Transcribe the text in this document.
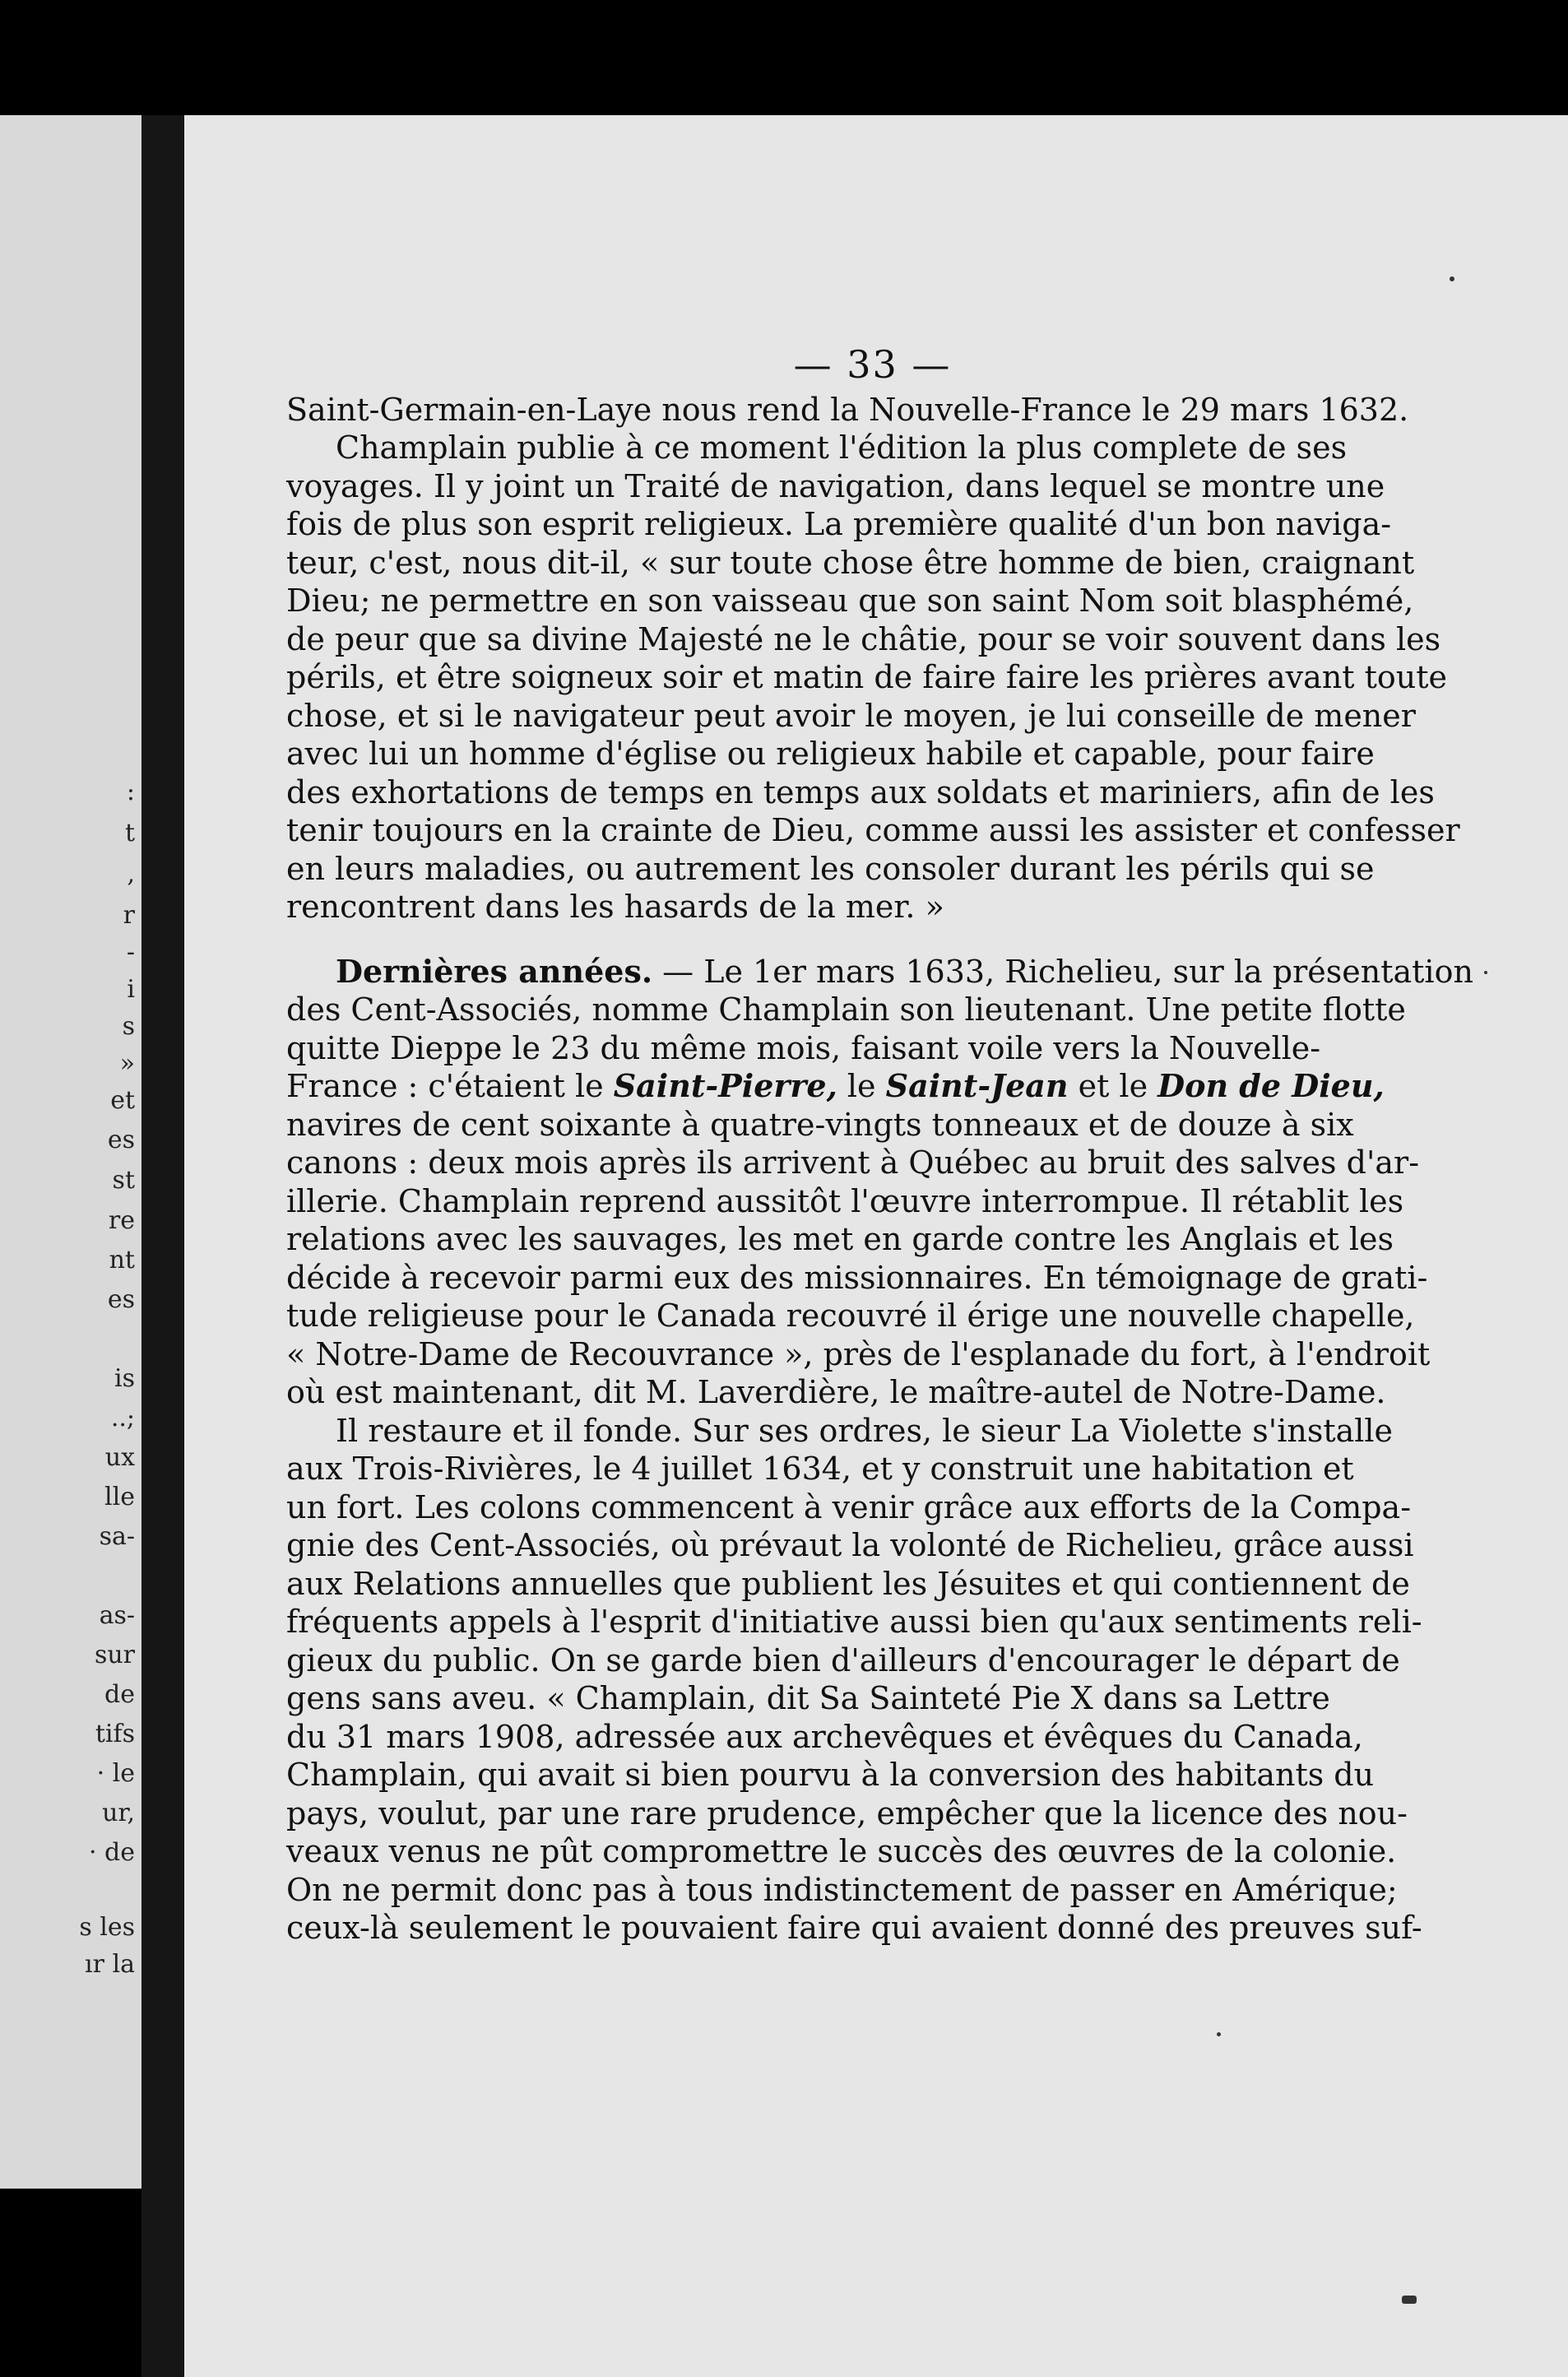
:
t
,
r
-
i
s
»
et
es
st
re
nt
es
is
..;
ux
lle
sa-
as-
sur
de
tifs
· le
ur,
· de
s les
ır la
— 33 —
Saint-Germain-en-Laye nous rend la Nouvelle-France le 29 mars 1632.
Champlain publie à ce moment l'édition la plus complete de ses
voyages. Il y joint un Traité de navigation, dans lequel se montre une
fois de plus son esprit religieux. La première qualité d'un bon naviga-
teur, c'est, nous dit-il, « sur toute chose être homme de bien, craignant
Dieu; ne permettre en son vaisseau que son saint Nom soit blasphémé,
de peur que sa divine Majesté ne le châtie, pour se voir souvent dans les
périls, et être soigneux soir et matin de faire faire les prières avant toute
chose, et si le navigateur peut avoir le moyen, je lui conseille de mener
avec lui un homme d'église ou religieux habile et capable, pour faire
des exhortations de temps en temps aux soldats et mariniers, afin de les
tenir toujours en la crainte de Dieu, comme aussi les assister et confesser
en leurs maladies, ou autrement les consoler durant les périls qui se
rencontrent dans les hasards de la mer. »
Dernières années. — Le 1er mars 1633, Richelieu, sur la présentation
des Cent-Associés, nomme Champlain son lieutenant. Une petite flotte
quitte Dieppe le 23 du même mois, faisant voile vers la Nouvelle-
France : c'étaient le Saint-Pierre, le Saint-Jean et le Don de Dieu,
navires de cent soixante à quatre-vingts tonneaux et de douze à six
canons : deux mois après ils arrivent à Québec au bruit des salves d'ar-
illerie. Champlain reprend aussitôt l'œuvre interrompue. Il rétablit les
relations avec les sauvages, les met en garde contre les Anglais et les
décide à recevoir parmi eux des missionnaires. En témoignage de grati-
tude religieuse pour le Canada recouvré il érige une nouvelle chapelle,
« Notre-Dame de Recouvrance », près de l'esplanade du fort, à l'endroit
où est maintenant, dit M. Laverdière, le maître-autel de Notre-Dame.
Il restaure et il fonde. Sur ses ordres, le sieur La Violette s'installe
aux Trois-Rivières, le 4 juillet 1634, et y construit une habitation et
un fort. Les colons commencent à venir grâce aux efforts de la Compa-
gnie des Cent-Associés, où prévaut la volonté de Richelieu, grâce aussi
aux Relations annuelles que publient les Jésuites et qui contiennent de
fréquents appels à l'esprit d'initiative aussi bien qu'aux sentiments reli-
gieux du public. On se garde bien d'ailleurs d'encourager le départ de
gens sans aveu. « Champlain, dit Sa Sainteté Pie X dans sa Lettre
du 31 mars 1908, adressée aux archevêques et évêques du Canada,
Champlain, qui avait si bien pourvu à la conversion des habitants du
pays, voulut, par une rare prudence, empêcher que la licence des nou-
veaux venus ne pût compromettre le succès des œuvres de la colonie.
On ne permit donc pas à tous indistinctement de passer en Amérique;
ceux-là seulement le pouvaient faire qui avaient donné des preuves suf-
